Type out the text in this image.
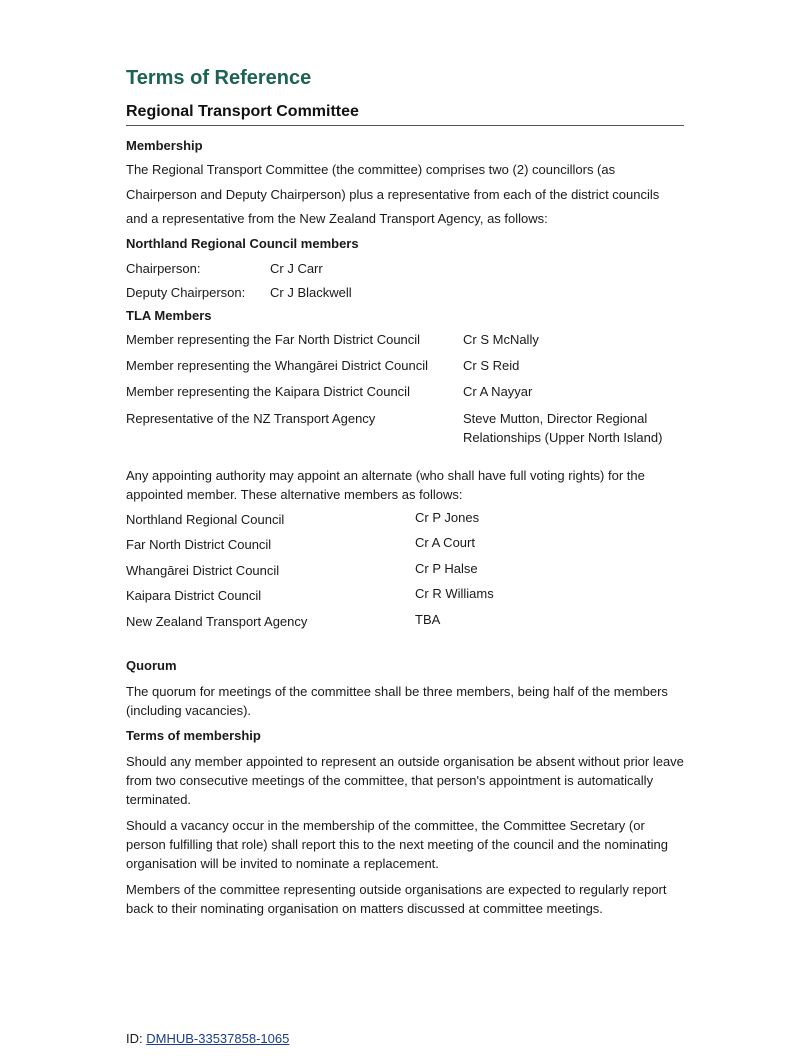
Terms of Reference
Regional Transport Committee
Membership
The Regional Transport Committee (the committee) comprises two (2) councillors (as Chairperson and Deputy Chairperson) plus a representative from each of the district councils and a representative from the New Zealand Transport Agency, as follows:
Northland Regional Council members
Chairperson:	Cr J Carr
Deputy Chairperson:	Cr J Blackwell
TLA Members
Member representing the Far North District Council	Cr S McNally
Member representing the Whangārei District Council	Cr S Reid
Member representing the Kaipara District Council	Cr A Nayyar
Representative of the NZ Transport Agency	Steve Mutton, Director Regional Relationships (Upper North Island)
Any appointing authority may appoint an alternate (who shall have full voting rights) for the appointed member. These alternative members as follows:
Northland Regional Council	Cr P Jones
Far North District Council	Cr A Court
Whangārei District Council	Cr P Halse
Kaipara District Council	Cr R Williams
New Zealand Transport Agency	TBA
Quorum
The quorum for meetings of the committee shall be three members, being half of the members (including vacancies).
Terms of membership
Should any member appointed to represent an outside organisation be absent without prior leave from two consecutive meetings of the committee, that person's appointment is automatically terminated.
Should a vacancy occur in the membership of the committee, the Committee Secretary (or person fulfilling that role) shall report this to the next meeting of the council and the nominating organisation will be invited to nominate a replacement.
Members of the committee representing outside organisations are expected to regularly report back to their nominating organisation on matters discussed at committee meetings.
ID: DMHUB-33537858-1065
